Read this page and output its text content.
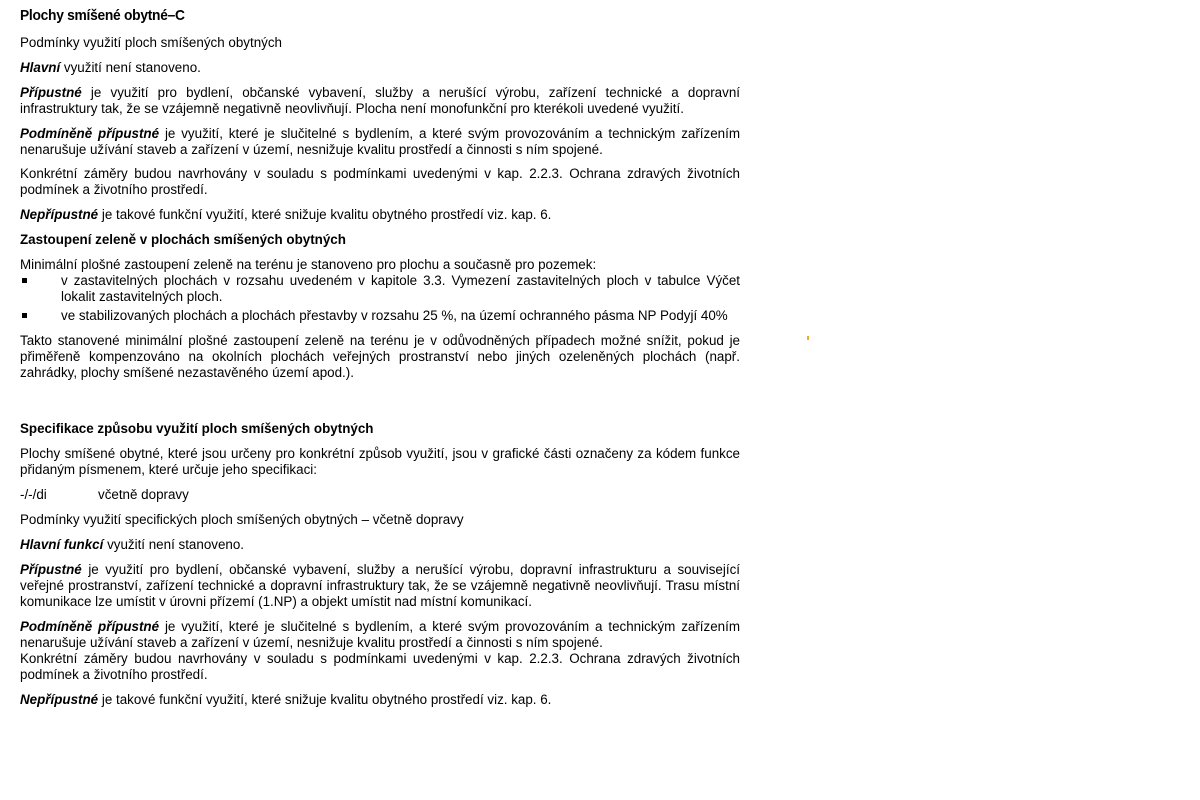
Plochy smíšené obytné–C

Podmínky využití ploch smíšených obytných

Hlavní využití není stanoveno.

Přípustné je využití pro bydlení, občanské vybavení, služby a nerušící výrobu, zařízení technické a dopravní infrastruktury tak, že se vzájemně negativně neovlivňují. Plocha není monofunkční pro kterékoli uvedené využití.

Podmíněně přípustné je využití, které je slučitelné s bydlením, a které svým provozováním a technickým zařízením nenarušuje užívání staveb a zařízení v území, nesnižuje kvalitu prostředí a činnosti s ním spojené.

Konkrétní záměry budou navrhovány v souladu s podmínkami uvedenými v kap. 2.2.3. Ochrana zdravých životních podmínek a životního prostředí.

Nepřípustné je takové funkční využití, které snižuje kvalitu obytného prostředí viz. kap. 6.

Zastoupení zeleně v plochách smíšených obytných

Minimální plošné zastoupení zeleně na terénu je stanoveno pro plochu a současně pro pozemek:

v zastavitelných plochách v rozsahu uvedeném v kapitole 3.3. Vymezení zastavitelných ploch v tabulce Výčet lokalit zastavitelných ploch.
ve stabilizovaných plochách a plochách přestavby v rozsahu 25 %, na území ochranného pásma NP Podyjí 40%

Takto stanovené minimální plošné zastoupení zeleně na terénu je v odůvodněných případech možné snížit, pokud je přiměřeně kompenzováno na okolních plochách veřejných prostranství nebo jiných ozeleněných plochách (např. zahrádky, plochy smíšené nezastavěného území apod.).

Specifikace způsobu využití ploch smíšených obytných

Plochy smíšené obytné, které jsou určeny pro konkrétní způsob využití, jsou v grafické části označeny za kódem funkce přidaným písmenem, které určuje jeho specifikaci:

-/-/di	včetně dopravy

Podmínky využití specifických ploch smíšených obytných – včetně dopravy

Hlavní funkcí využití není stanoveno.

Přípustné je využití pro bydlení, občanské vybavení, služby a nerušící výrobu, dopravní infrastrukturu a související veřejné prostranství, zařízení technické a dopravní infrastruktury tak, že se vzájemně negativně neovlivňují. Trasu místní komunikace lze umístit v úrovni přízemí (1.NP) a objekt umístit nad místní komunikací.

Podmíněně přípustné je využití, které je slučitelné s bydlením, a které svým provozováním a technickým zařízením nenarušuje užívání staveb a zařízení v území, nesnižuje kvalitu prostředí a činnosti s ním spojené.

Konkrétní záměry budou navrhovány v souladu s podmínkami uvedenými v kap. 2.2.3. Ochrana zdravých životních podmínek a životního prostředí.

Nepřípustné je takové funkční využití, které snižuje kvalitu obytného prostředí viz. kap. 6.
